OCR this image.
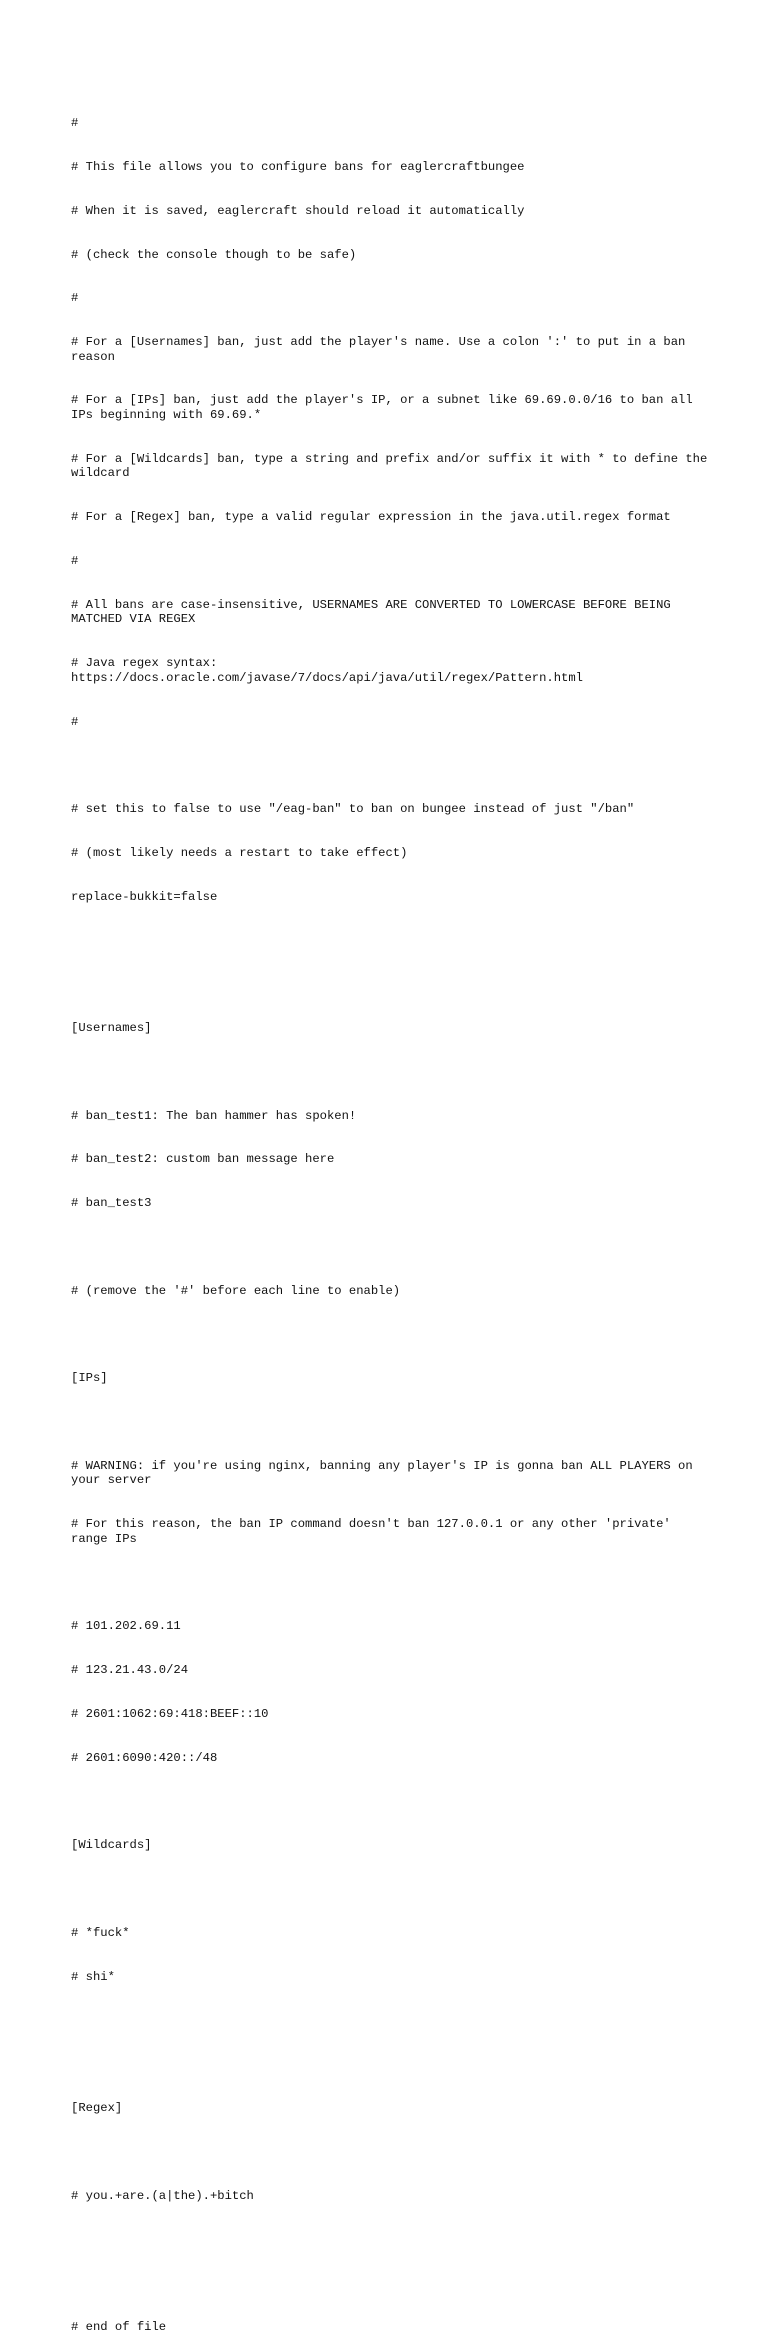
#

# This file allows you to configure bans for eaglercraftbungee

# When it is saved, eaglercraft should reload it automatically

# (check the console though to be safe)

#

# For a [Usernames] ban, just add the player's name. Use a colon ':' to put in a ban reason

# For a [IPs] ban, just add the player's IP, or a subnet like 69.69.0.0/16 to ban all IPs beginning with 69.69.*

# For a [Wildcards] ban, type a string and prefix and/or suffix it with * to define the wildcard

# For a [Regex] ban, type a valid regular expression in the java.util.regex format

#

# All bans are case-insensitive, USERNAMES ARE CONVERTED TO LOWERCASE BEFORE BEING MATCHED VIA REGEX

# Java regex syntax: https://docs.oracle.com/javase/7/docs/api/java/util/regex/Pattern.html

#

# set this to false to use "/eag-ban" to ban on bungee instead of just "/ban"

# (most likely needs a restart to take effect)

replace-bukkit=false

[Usernames]

# ban_test1: The ban hammer has spoken!

# ban_test2: custom ban message here

# ban_test3

# (remove the '#' before each line to enable)

[IPs]

# WARNING: if you're using nginx, banning any player's IP is gonna ban ALL PLAYERS on your server

# For this reason, the ban IP command doesn't ban 127.0.0.1 or any other 'private' range IPs

# 101.202.69.11

# 123.21.43.0/24

# 2601:1062:69:418:BEEF::10

# 2601:6090:420::/48

[Wildcards]

# *fuck*

# shi*

[Regex]

# you.+are.(a|the).+bitch

# end of file
